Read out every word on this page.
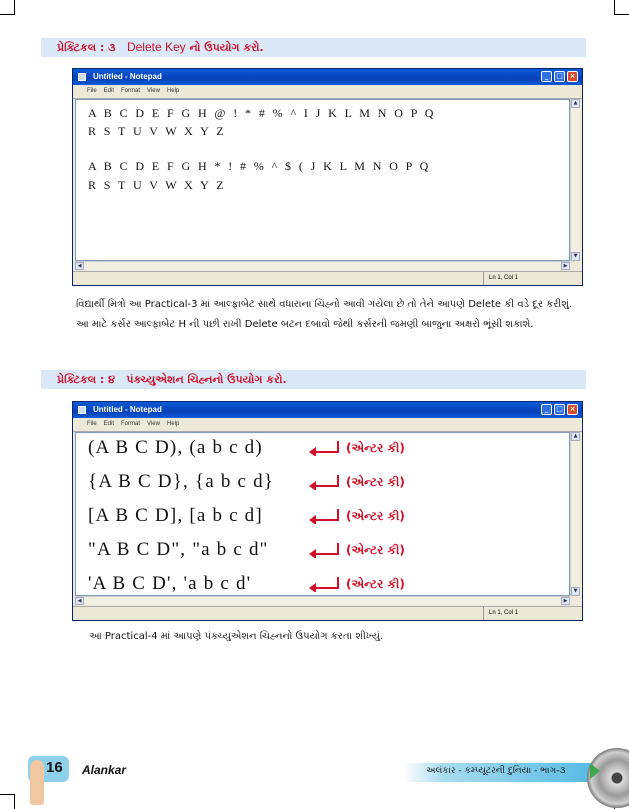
પ્રેક્ટિકલ : ૩ Delete Key નો ઉપયોગ કરો.
Untitled - Notepad	_	□ ×
File Edit Format View Help
A B C D E F G H @ ! * # % ^ I J K L M N O P Q
R S T U V W X Y Z
A B C D E F G H * ! # % ^ $ ( J K L M N O P Q
R S T U V W X Y Z
▲
▼
◀	▶
Ln 1, Col 1
વિદ્યાર્થી મિત્રો આ Practical-3 માં આલ્ફાબેટ સાથે વધારાના ચિહ્નો આવી ગયેલા છે તો તેને આપણે Delete કી વડે દૂર કરીશું. આ માટે કર્સર આલ્ફાબેટ H ની પછી રાખી Delete બટન દબાવો જેથી કર્સરની જમણી બાજુના અક્ષરો ભૂંસી શકાશે.
પ્રેક્ટિકલ : ૪ પંક્ચ્યુએશન ચિહ્નનો ઉપયોગ કરો.
Untitled - Notepad	_	□ ×
File Edit Format View Help
(A B C D), (a b c d)	(એન્ટર કી)
{A B C D}, {a b c d}	(એન્ટર કી)
[A B C D], [a b c d]	(એન્ટર કી)
"A B C D", "a b c d"	(એન્ટર કી)
'A B C D', 'a b c d'	(એન્ટર કી)
▲
▼
◀	▶
Ln 1, Col 1
આ Practical-4 માં આપણે પંક્ચ્યુએશન ચિહ્નનો ઉપયોગ કરતા શીખ્યું.
16 Alankar	અલંકાર - કમ્પ્યૂટરની દુનિયા - ભાગ-૩
